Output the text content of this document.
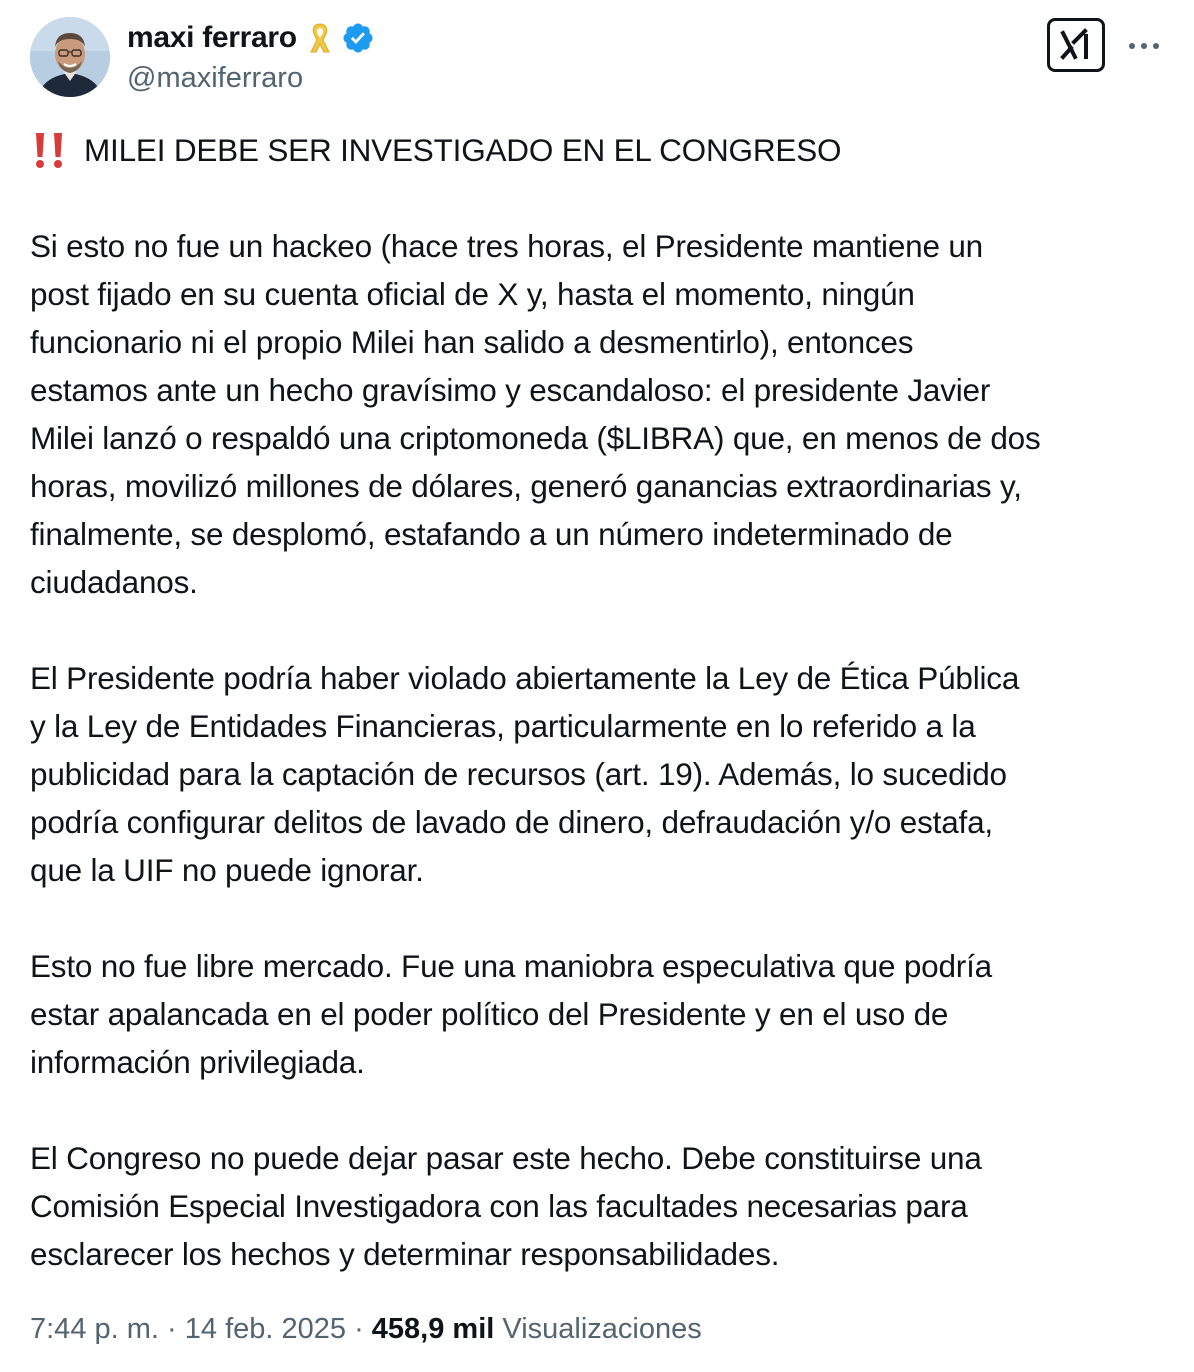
maxi ferraro
@maxiferraro
MILEI DEBE SER INVESTIGADO EN EL CONGRESO

Si esto no fue un hackeo (hace tres horas, el Presidente mantiene un
post fijado en su cuenta oficial de X y, hasta el momento, ningún
funcionario ni el propio Milei han salido a desmentirlo), entonces
estamos ante un hecho gravísimo y escandaloso: el presidente Javier
Milei lanzó o respaldó una criptomoneda ($LIBRA) que, en menos de dos
horas, movilizó millones de dólares, generó ganancias extraordinarias y,
finalmente, se desplomó, estafando a un número indeterminado de
ciudadanos.

El Presidente podría haber violado abiertamente la Ley de Ética Pública
y la Ley de Entidades Financieras, particularmente en lo referido a la
publicidad para la captación de recursos (art. 19). Además, lo sucedido
podría configurar delitos de lavado de dinero, defraudación y/o estafa,
que la UIF no puede ignorar.

Esto no fue libre mercado. Fue una maniobra especulativa que podría
estar apalancada en el poder político del Presidente y en el uso de
información privilegiada.

El Congreso no puede dejar pasar este hecho. Debe constituirse una
Comisión Especial Investigadora con las facultades necesarias para
esclarecer los hechos y determinar responsabilidades.

7:44 p. m. · 14 feb. 2025 · 458,9 mil Visualizaciones
